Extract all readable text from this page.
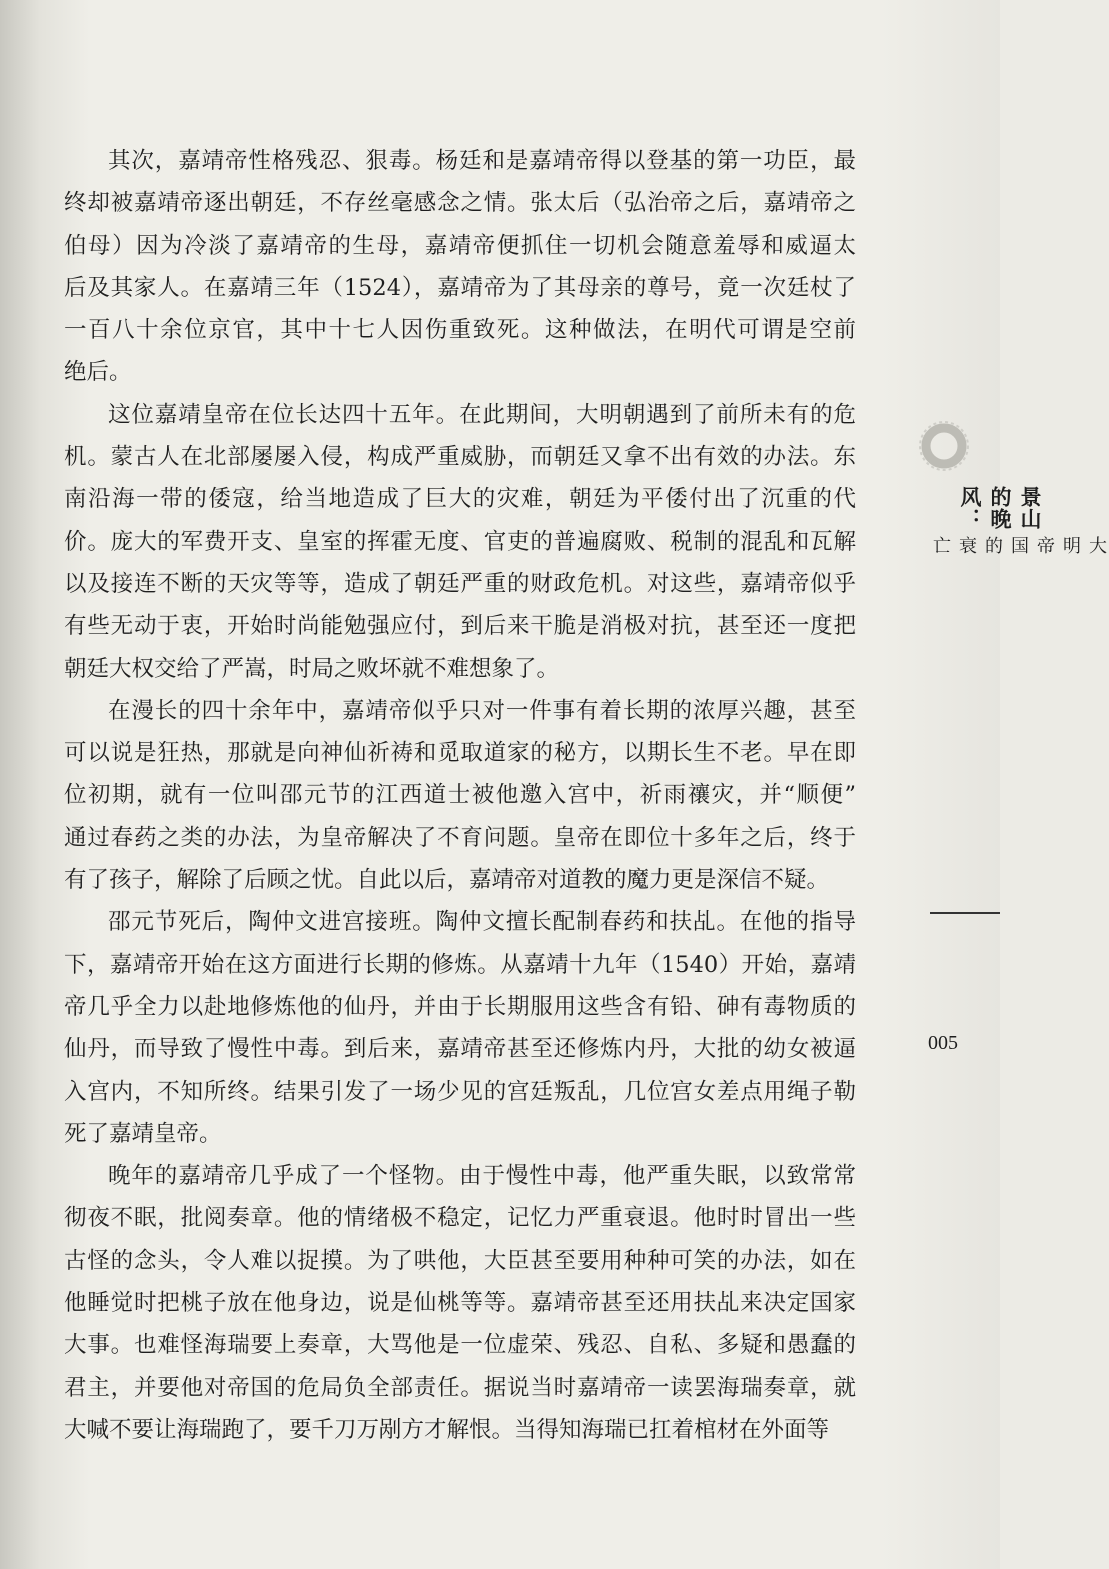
其次，嘉靖帝性格残忍、狠毒。杨廷和是嘉靖帝得以登基的第一功臣，最
终却被嘉靖帝逐出朝廷，不存丝毫感念之情。张太后（弘治帝之后，嘉靖帝之
伯母）因为冷淡了嘉靖帝的生母，嘉靖帝便抓住一切机会随意羞辱和威逼太
后及其家人。在嘉靖三年（1524），嘉靖帝为了其母亲的尊号，竟一次廷杖了
一百八十余位京官，其中十七人因伤重致死。这种做法，在明代可谓是空前
绝后。
这位嘉靖皇帝在位长达四十五年。在此期间，大明朝遇到了前所未有的危
机。蒙古人在北部屡屡入侵，构成严重威胁，而朝廷又拿不出有效的办法。东
南沿海一带的倭寇，给当地造成了巨大的灾难，朝廷为平倭付出了沉重的代
价。庞大的军费开支、皇室的挥霍无度、官吏的普遍腐败、税制的混乱和瓦解
以及接连不断的天灾等等，造成了朝廷严重的财政危机。对这些，嘉靖帝似乎
有些无动于衷，开始时尚能勉强应付，到后来干脆是消极对抗，甚至还一度把
朝廷大权交给了严嵩，时局之败坏就不难想象了。
在漫长的四十余年中，嘉靖帝似乎只对一件事有着长期的浓厚兴趣，甚至
可以说是狂热，那就是向神仙祈祷和觅取道家的秘方，以期长生不老。早在即
位初期，就有一位叫邵元节的江西道士被他邀入宫中，祈雨禳灾，并“顺便”
通过春药之类的办法，为皇帝解决了不育问题。皇帝在即位十多年之后，终于
有了孩子，解除了后顾之忧。自此以后，嘉靖帝对道教的魔力更是深信不疑。
邵元节死后，陶仲文进宫接班。陶仲文擅长配制春药和扶乩。在他的指导
下，嘉靖帝开始在这方面进行长期的修炼。从嘉靖十九年（1540）开始，嘉靖
帝几乎全力以赴地修炼他的仙丹，并由于长期服用这些含有铅、砷有毒物质的
仙丹，而导致了慢性中毒。到后来，嘉靖帝甚至还修炼内丹，大批的幼女被逼
入宫内，不知所终。结果引发了一场少见的宫廷叛乱，几位宫女差点用绳子勒
死了嘉靖皇帝。
晚年的嘉靖帝几乎成了一个怪物。由于慢性中毒，他严重失眠，以致常常
彻夜不眠，批阅奏章。他的情绪极不稳定，记忆力严重衰退。他时时冒出一些
古怪的念头，令人难以捉摸。为了哄他，大臣甚至要用种种可笑的办法，如在
他睡觉时把桃子放在他身边，说是仙桃等等。嘉靖帝甚至还用扶乩来决定国家
大事。也难怪海瑞要上奏章，大骂他是一位虚荣、残忍、自私、多疑和愚蠢的
君主，并要他对帝国的危局负全部责任。据说当时嘉靖帝一读罢海瑞奏章，就
大喊不要让海瑞跑了，要千刀万剐方才解恨。当得知海瑞已扛着棺材在外面等
景山的晚风：
大明帝国的衰亡
005
